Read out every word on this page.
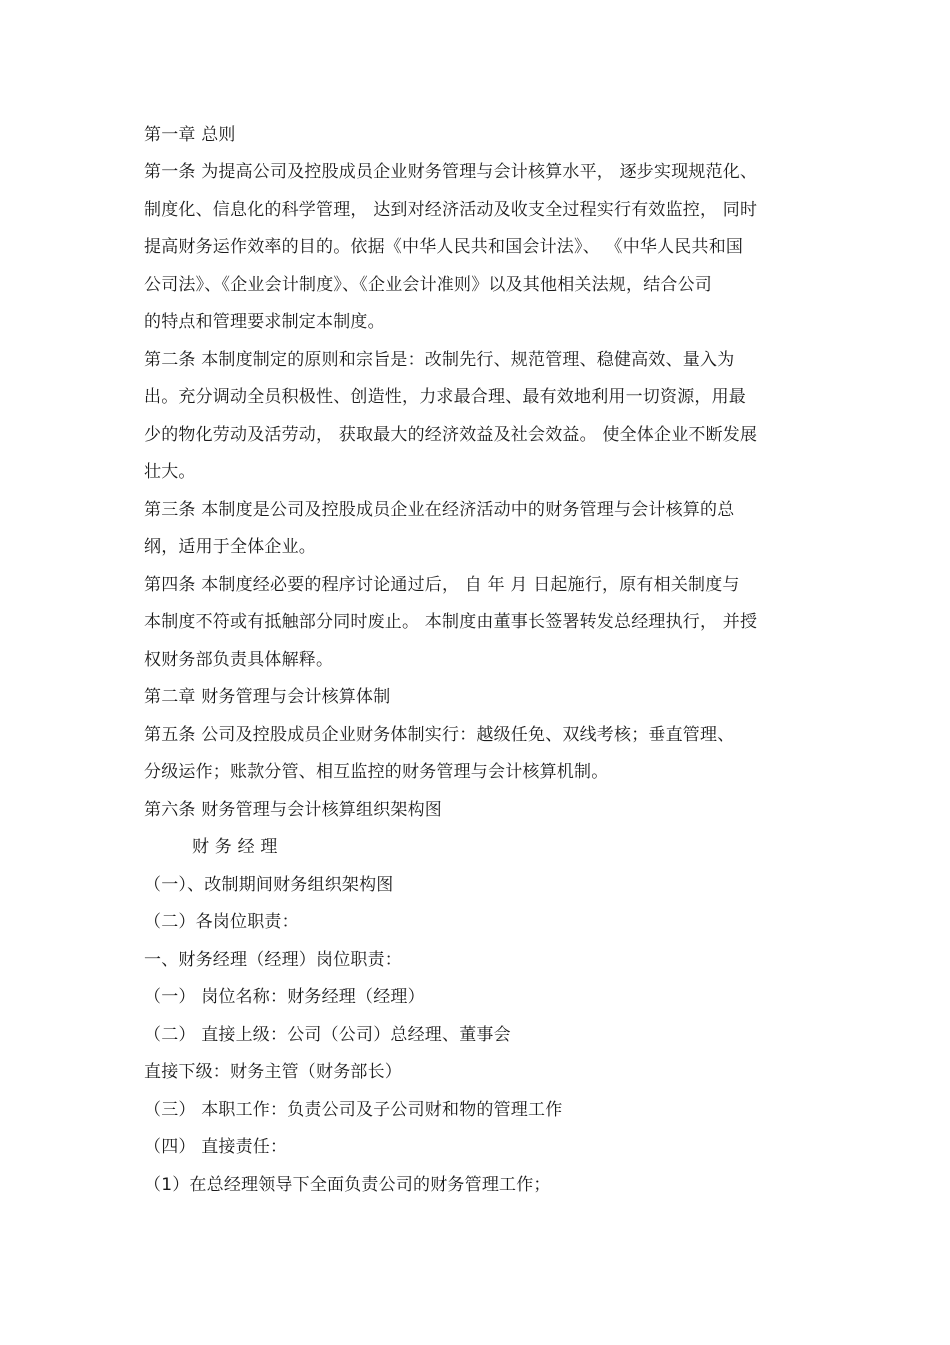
第一章 总则
第一条 为提高公司及控股成员企业财务管理与会计核算水平， 逐步实现规范化、
制度化、信息化的科学管理， 达到对经济活动及收支全过程实行有效监控， 同时
提高财务运作效率的目的。依据《中华人民共和国会计法》、 《中华人民共和国
公司法》、《企业会计制度》、《企业会计准则》以及其他相关法规，结合公司
的特点和管理要求制定本制度。
第二条 本制度制定的原则和宗旨是：改制先行、规范管理、稳健高效、量入为
出。充分调动全员积极性、创造性，力求最合理、最有效地利用一切资源，用最
少的物化劳动及活劳动， 获取最大的经济效益及社会效益。 使全体企业不断发展
壮大。
第三条 本制度是公司及控股成员企业在经济活动中的财务管理与会计核算的总
纲，适用于全体企业。
第四条 本制度经必要的程序讨论通过后， 自 年 月 日起施行，原有相关制度与
本制度不符或有抵触部分同时废止。 本制度由董事长签署转发总经理执行， 并授
权财务部负责具体解释。
第二章 财务管理与会计核算体制
第五条 公司及控股成员企业财务体制实行：越级任免、双线考核；垂直管理、
分级运作；账款分管、相互监控的财务管理与会计核算机制。
第六条 财务管理与会计核算组织架构图
财 务 经 理
（一）、改制期间财务组织架构图
（二）各岗位职责：
一、财务经理（经理）岗位职责：
（一） 岗位名称：财务经理（经理）
（二） 直接上级：公司（公司）总经理、董事会
直接下级：财务主管（财务部长）
（三） 本职工作：负责公司及子公司财和物的管理工作
（四） 直接责任：
（1）在总经理领导下全面负责公司的财务管理工作；
